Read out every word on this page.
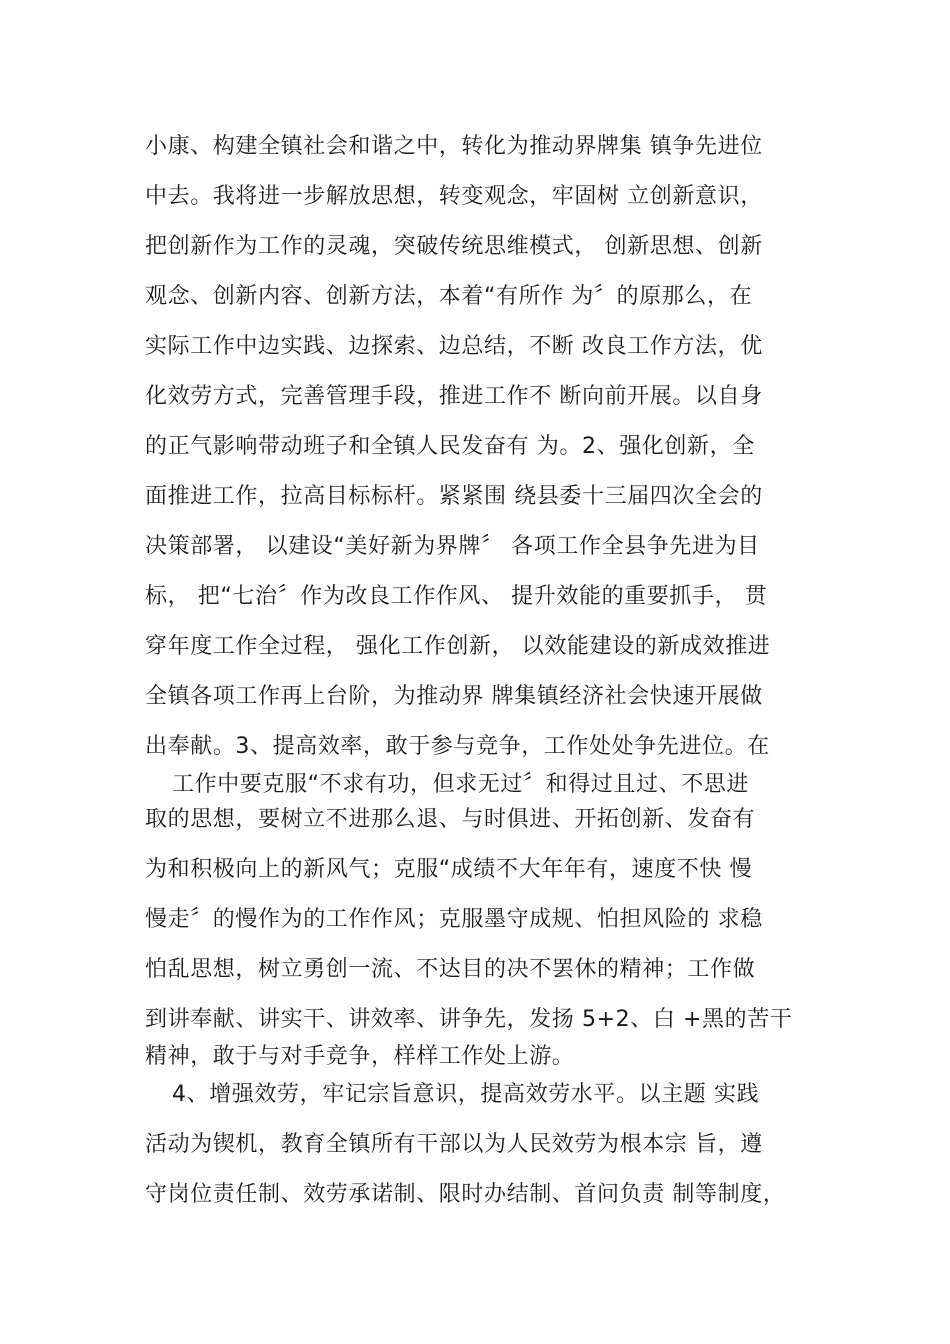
小康、构建全镇社会和谐之中，转化为推动界牌集 镇争先进位
中去。我将进一步解放思想，转变观念，牢固树 立创新意识，
把创新作为工作的灵魂，突破传统思维模式， 创新思想、创新
观念、创新内容、创新方法，本着“有所作 为〞的原那么，在
实际工作中边实践、边探索、边总结，不断 改良工作方法，优
化效劳方式，完善管理手段，推进工作不 断向前开展。以自身
的正气影响带动班子和全镇人民发奋有 为。2、强化创新，全
面推进工作，拉高目标标杆。紧紧围 绕县委十三届四次全会的
决策部署， 以建设“美好新为界牌〞 各项工作全县争先进为目
标， 把“七治〞作为改良工作作风、 提升效能的重要抓手， 贯
穿年度工作全过程， 强化工作创新， 以效能建设的新成效推进
全镇各项工作再上台阶，为推动界 牌集镇经济社会快速开展做
出奉献。3、提高效率，敢于参与竞争，工作处处争先进位。在
工作中要克服“不求有功，但求无过〞和得过且过、不思进
取的思想，要树立不进那么退、与时俱进、开拓创新、发奋有
为和积极向上的新风气；克服“成绩不大年年有，速度不快 慢
慢走〞的慢作为的工作作风；克服墨守成规、怕担风险的 求稳
怕乱思想，树立勇创一流、不达目的决不罢休的精神；工作做
到讲奉献、讲实干、讲效率、讲争先，发扬 5+2、白 +黑的苦干
精神，敢于与对手竞争，样样工作处上游。
4、增强效劳，牢记宗旨意识，提高效劳水平。以主题 实践
活动为锲机，教育全镇所有干部以为人民效劳为根本宗 旨，遵
守岗位责任制、效劳承诺制、限时办结制、首问负责 制等制度，
